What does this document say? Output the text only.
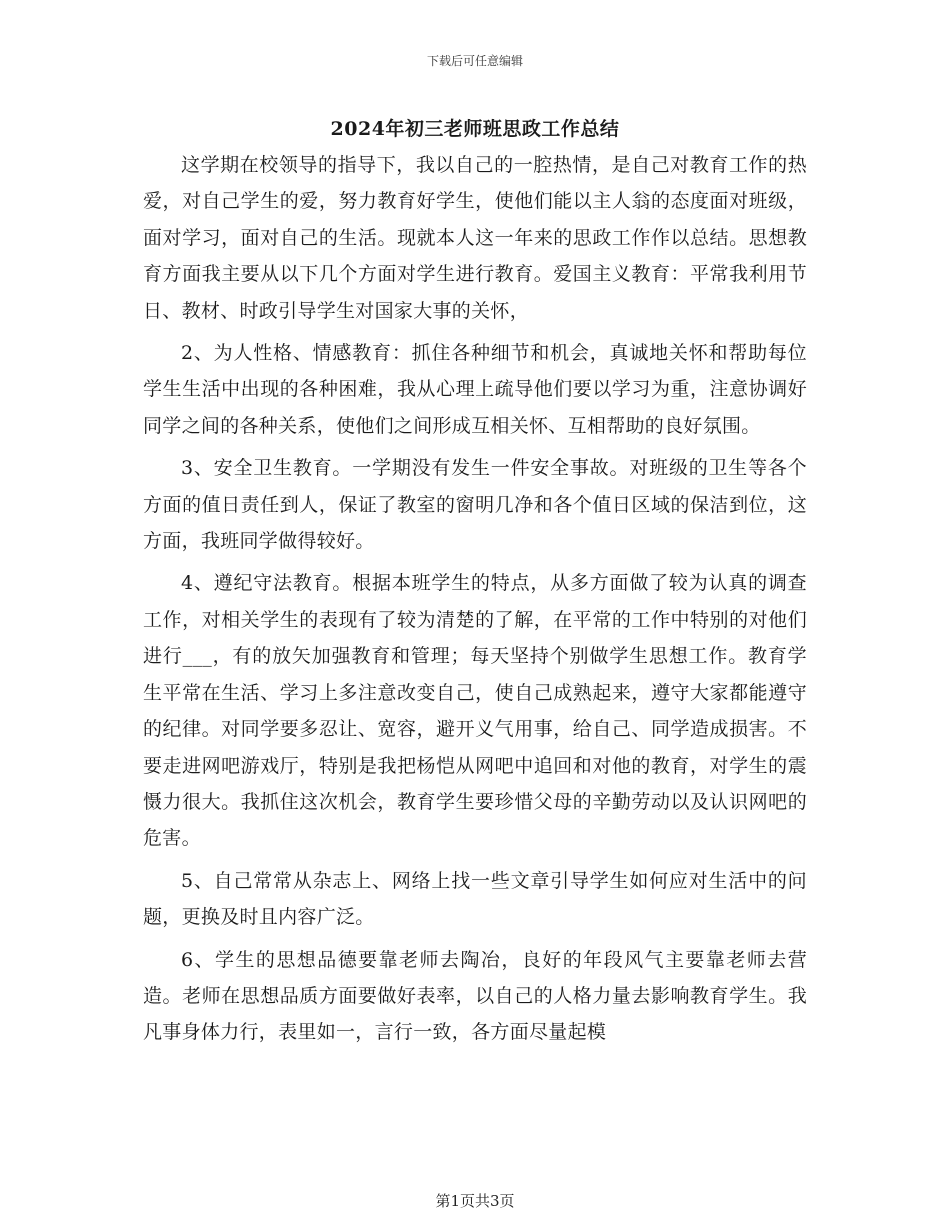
下载后可任意编辑
2024年初三老师班思政工作总结

这学期在校领导的指导下，我以自己的一腔热情，是自己对教育工作的热爱，对自己学生的爱，努力教育好学生，使他们能以主人翁的态度面对班级，面对学习，面对自己的生活。现就本人这一年来的思政工作作以总结。思想教育方面我主要从以下几个方面对学生进行教育。爱国主义教育：平常我利用节日、教材、时政引导学生对国家大事的关怀，

2、为人性格、情感教育：抓住各种细节和机会，真诚地关怀和帮助每位学生生活中出现的各种困难，我从心理上疏导他们要以学习为重，注意协调好同学之间的各种关系，使他们之间形成互相关怀、互相帮助的良好氛围。

3、安全卫生教育。一学期没有发生一件安全事故。对班级的卫生等各个方面的值日责任到人，保证了教室的窗明几净和各个值日区域的保洁到位，这方面，我班同学做得较好。

4、遵纪守法教育。根据本班学生的特点，从多方面做了较为认真的调查工作，对相关学生的表现有了较为清楚的了解，在平常的工作中特别的对他们进行___，有的放矢加强教育和管理；每天坚持个别做学生思想工作。教育学生平常在生活、学习上多注意改变自己，使自己成熟起来，遵守大家都能遵守的纪律。对同学要多忍让、宽容，避开义气用事，给自己、同学造成损害。不要走进网吧游戏厅，特别是我把杨恺从网吧中追回和对他的教育，对学生的震慑力很大。我抓住这次机会，教育学生要珍惜父母的辛勤劳动以及认识网吧的危害。

5、自己常常从杂志上、网络上找一些文章引导学生如何应对生活中的问题，更换及时且内容广泛。

6、学生的思想品德要靠老师去陶冶，良好的年段风气主要靠老师去营造。老师在思想品质方面要做好表率，以自己的人格力量去影响教育学生。我凡事身体力行，表里如一，言行一致，各方面尽量起模

第1页共3页
